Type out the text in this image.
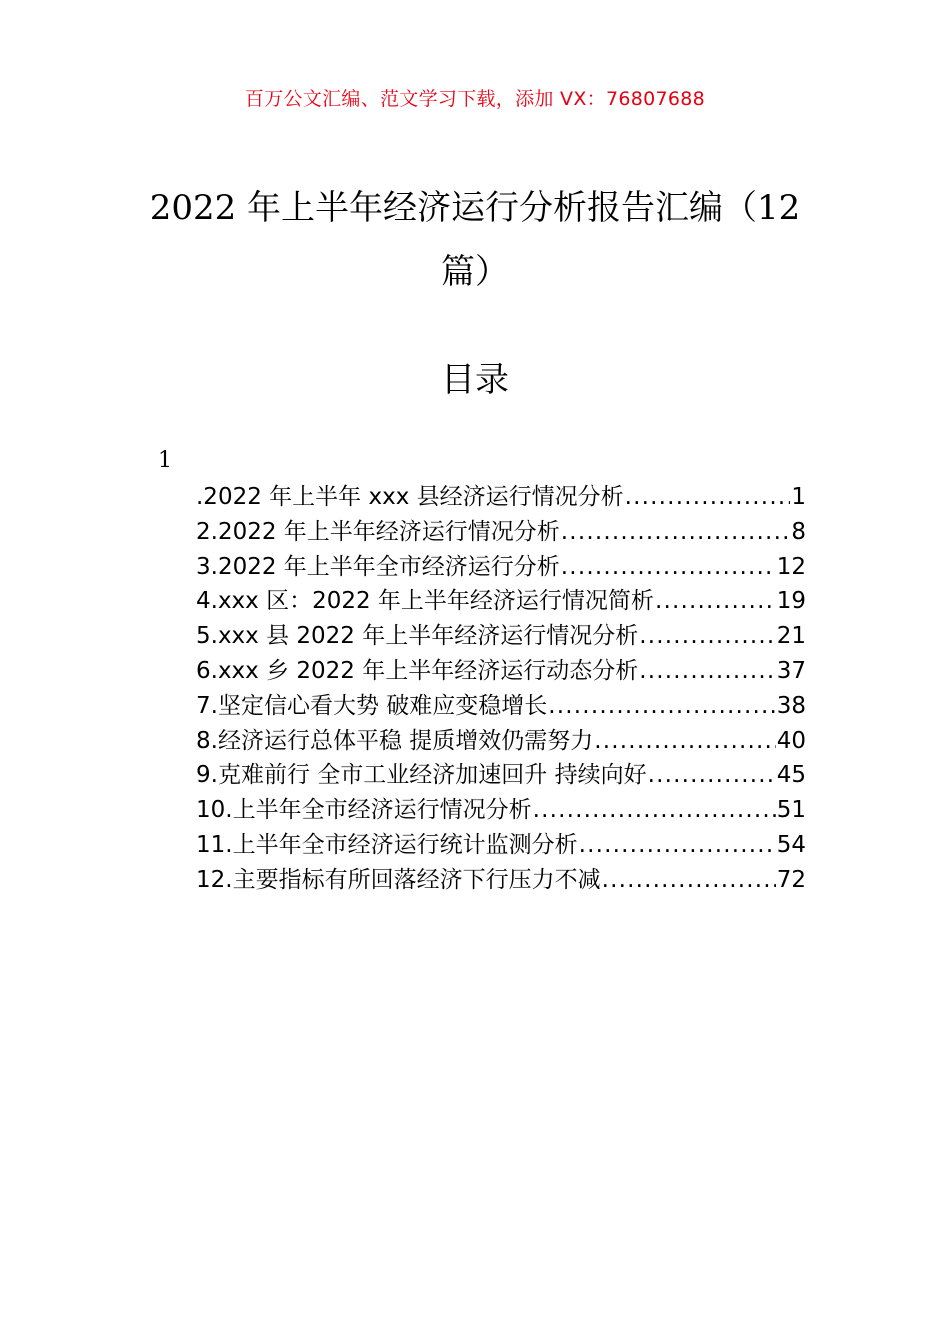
百万公文汇编、范文学习下载，添加 VX：76807688
2022 年上半年经济运行分析报告汇编（12 篇）
目录
1
.2022 年上半年 xxx 县经济运行情况分析 .....	1
2.2022 年上半年经济运行情况分析 .....	8
3.2022 年上半年全市经济运行分析 .....	12
4.xxx 区：2022 年上半年经济运行情况简析 .....	19
5.xxx 县 2022 年上半年经济运行情况分析 .....	21
6.xxx 乡 2022 年上半年经济运行动态分析 .....	37
7.坚定信心看大势 破难应变稳增长 .....	38
8.经济运行总体平稳 提质增效仍需努力 .....	40
9.克难前行 全市工业经济加速回升 持续向好 .....	45
10.上半年全市经济运行情况分析 .....	51
11.上半年全市经济运行统计监测分析 .....	54
12.主要指标有所回落经济下行压力不减 .....	72
